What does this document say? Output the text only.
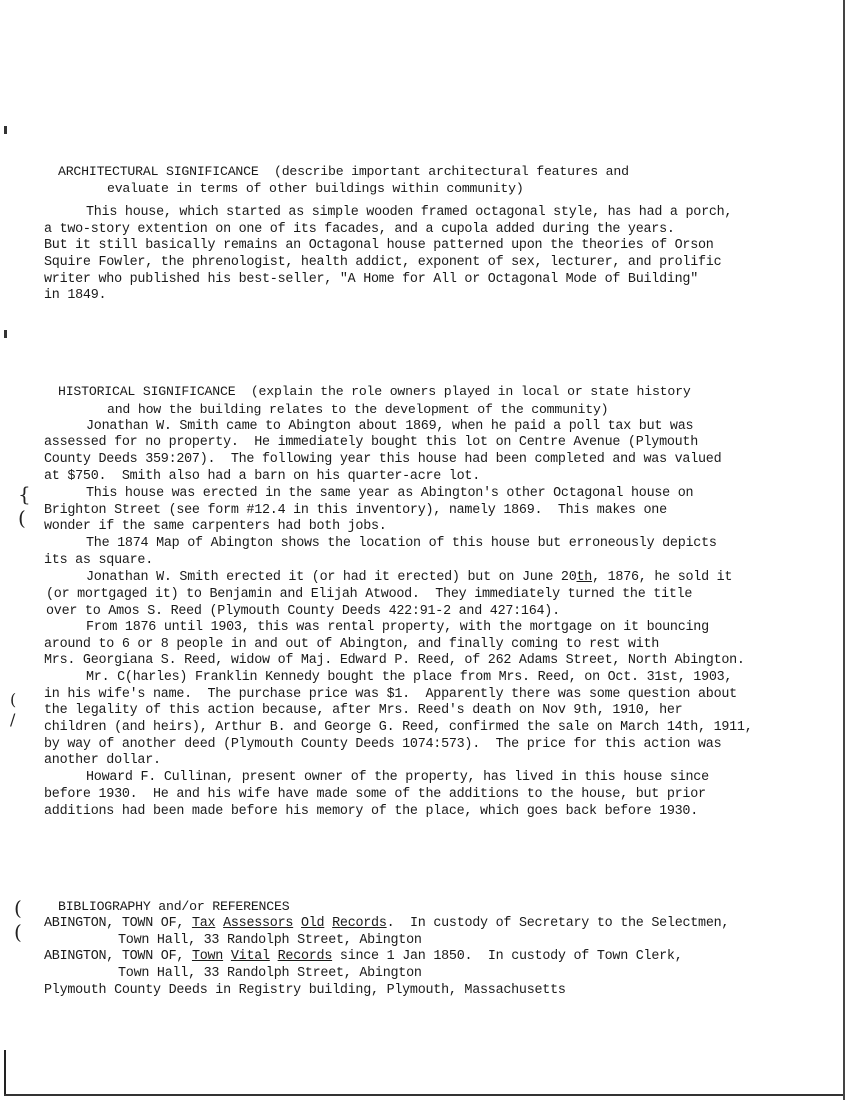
ARCHITECTURAL SIGNIFICANCE  (describe important architectural features and
evaluate in terms of other buildings within community)
This house, which started as simple wooden framed octagonal style, has had a porch,
a two-story extention on one of its facades, and a cupola added during the years.
But it still basically remains an Octagonal house patterned upon the theories of Orson
Squire Fowler, the phrenologist, health addict, exponent of sex, lecturer, and prolific
writer who published his best-seller, "A Home for All or Octagonal Mode of Building"
in 1849.
HISTORICAL SIGNIFICANCE  (explain the role owners played in local or state history
and how the building relates to the development of the community)
Jonathan W. Smith came to Abington about 1869, when he paid a poll tax but was
assessed for no property.  He immediately bought this lot on Centre Avenue (Plymouth
County Deeds 359:207).  The following year this house had been completed and was valued
at $750.  Smith also had a barn on his quarter-acre lot.
This house was erected in the same year as Abington's other Octagonal house on
Brighton Street (see form #12.4 in this inventory), namely 1869.  This makes one
wonder if the same carpenters had both jobs.
The 1874 Map of Abington shows the location of this house but erroneously depicts
its as square.
Jonathan W. Smith erected it (or had it erected) but on June 20th, 1876, he sold it
(or mortgaged it) to Benjamin and Elijah Atwood.  They immediately turned the title
over to Amos S. Reed (Plymouth County Deeds 422:91-2 and 427:164).
From 1876 until 1903, this was rental property, with the mortgage on it bouncing
around to 6 or 8 people in and out of Abington, and finally coming to rest with
Mrs. Georgiana S. Reed, widow of Maj. Edward P. Reed, of 262 Adams Street, North Abington.
Mr. C(harles) Franklin Kennedy bought the place from Mrs. Reed, on Oct. 31st, 1903,
in his wife's name.  The purchase price was $1.  Apparently there was some question about
the legality of this action because, after Mrs. Reed's death on Nov 9th, 1910, her
children (and heirs), Arthur B. and George G. Reed, confirmed the sale on March 14th, 1911,
by way of another deed (Plymouth County Deeds 1074:573).  The price for this action was
another dollar.
Howard F. Cullinan, present owner of the property, has lived in this house since
before 1930.  He and his wife have made some of the additions to the house, but prior
additions had been made before his memory of the place, which goes back before 1930.
BIBLIOGRAPHY and/or REFERENCES
ABINGTON, TOWN OF, Tax Assessors Old Records.  In custody of Secretary to the Selectmen,
Town Hall, 33 Randolph Street, Abington
ABINGTON, TOWN OF, Town Vital Records since 1 Jan 1850.  In custody of Town Clerk,
Town Hall, 33 Randolph Street, Abington
Plymouth County Deeds in Registry building, Plymouth, Massachusetts
{
(
(
/
(
(
